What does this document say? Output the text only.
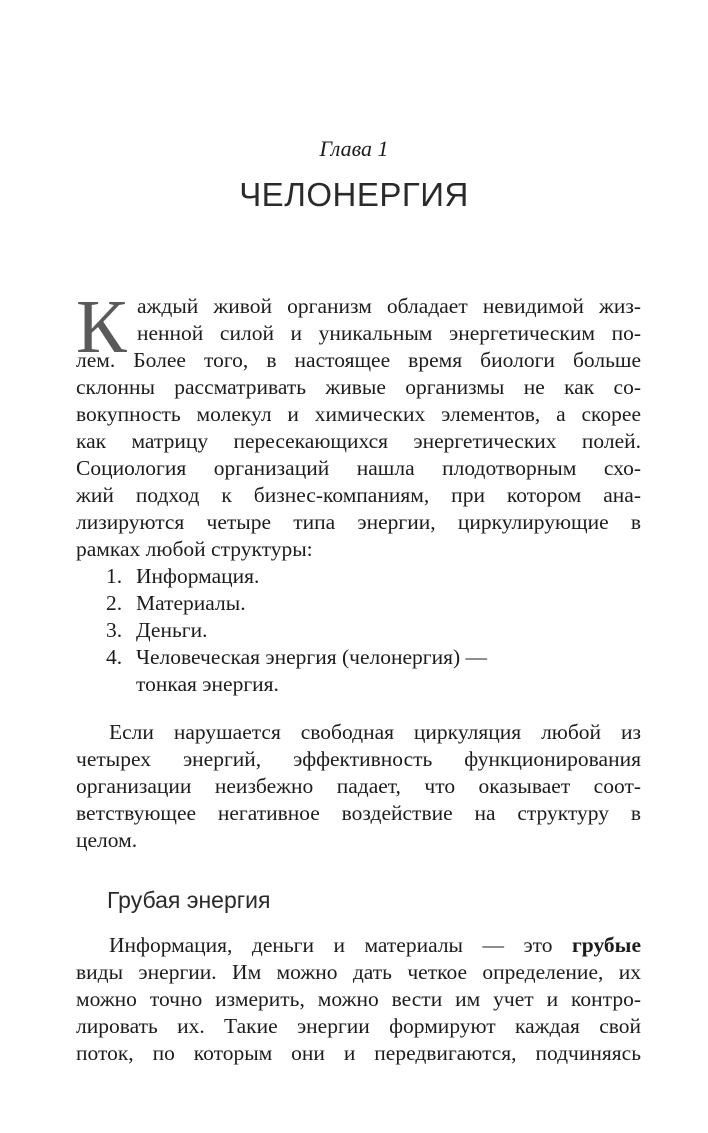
Глава 1
ЧЕЛОНЕРГИЯ
К аждый живой организм обладает невидимой жиз-
ненной силой и уникальным энергетическим по-
лем. Более того, в настоящее время биологи больше
склонны рассматривать живые организмы не как со-
вокупность молекул и химических элементов, а скорее
как матрицу пересекающихся энергетических полей.
Социология организаций нашла плодотворным схо-
жий подход к бизнес-компаниям, при котором ана-
лизируются четыре типа энергии, циркулирующие в
рамках любой структуры:
1. Информация.
2. Материалы.
3. Деньги.
4. Человеческая энергия (челонергия) —
тонкая энергия.
Если нарушается свободная циркуляция любой из
четырех энергий, эффективность функционирования
организации неизбежно падает, что оказывает соот-
ветствующее негативное воздействие на структуру в
целом.
Грубая энергия
Информация, деньги и материалы — это грубые
виды энергии. Им можно дать четкое определение, их
можно точно измерить, можно вести им учет и контро-
лировать их. Такие энергии формируют каждая свой
поток, по которым они и передвигаются, подчиняясь
